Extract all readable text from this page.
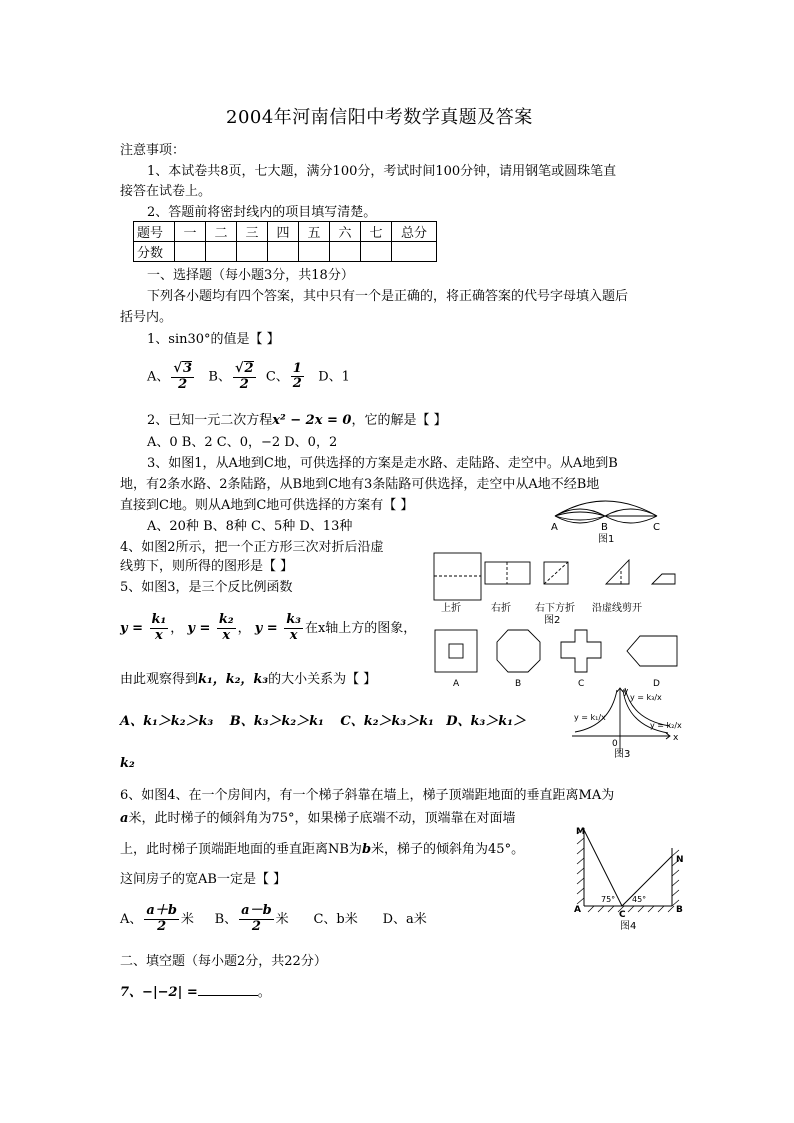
2004年河南信阳中考数学真题及答案
注意事项：
1、本试卷共8页，七大题，满分100分，考试时间100分钟，请用钢笔或圆珠笔直
接答在试卷上。
2、答题前将密封线内的项目填写清楚。
题号	一	二	三	四	五	六	七	总分
分数								
一、选择题（每小题3分，共18分）
下列各小题均有四个答案，其中只有一个是正确的，将正确答案的代号字母填入题后
括号内。
1、sin30°的值是【 】
A、 $\frac{√3}{2}$ B、 $\frac{√2}{2}$ C、 $\frac{1}{2}$ D、1
2、已知一元二次方程x² − 2x = 0，它的解是【 】
A、0 B、2 C、0，−2 D、0，2
3、如图1，从A地到C地，可供选择的方案是走水路、走陆路、走空中。从A地到B
地，有2条水路、2条陆路，从B地到C地有3条陆路可供选择，走空中从A地不经B地
直接到C地。则从A地到C地可供选择的方案有【 】
A、20种 B、8种 C、5种 D、13种	A	B	C
图1
4、如图2所示，把一个正方形三次对折后沿虚
线剪下，则所得的图形是【 】
上折	右折 右下方折 沿虚线剪开
图2
A	B	C	D
5、如图3，是三个反比例函数
$y = \frac{\text{k₁}}{x}$ ， $y = \frac{\text{k₂}}{x}$ ， $y = \frac{\text{k₃}}{x}$ 在x轴上方的图象，
由此观察得到k₁，k₂，k₃的大小关系为【 】
A、k₁＞k₂＞k₃ B、k₃＞k₂＞k₁ C、k₂＞k₃＞k₁ D、k₃＞k₁＞
k₂
y = k₁/x
y = k₃/x
y = k₂/x
y
x
0
图3
6、如图4、在一个房间内，有一个梯子斜靠在墙上，梯子顶端距地面的垂直距离MA为
a米，此时梯子的倾斜角为75°，如果梯子底端不动，顶端靠在对面墙
上，此时梯子顶端距地面的垂直距离NB为b米，梯子的倾斜角为45°。
这间房子的宽AB一定是【 】
A、 $\frac{a+b}{2}$ 米 B、 $\frac{a-b}{2}$ 米 C、b米 D、a米
M
N
A	B
C
75° 45°
图4
二、填空题（每小题2分，共22分）
7、−|−2| =	。
